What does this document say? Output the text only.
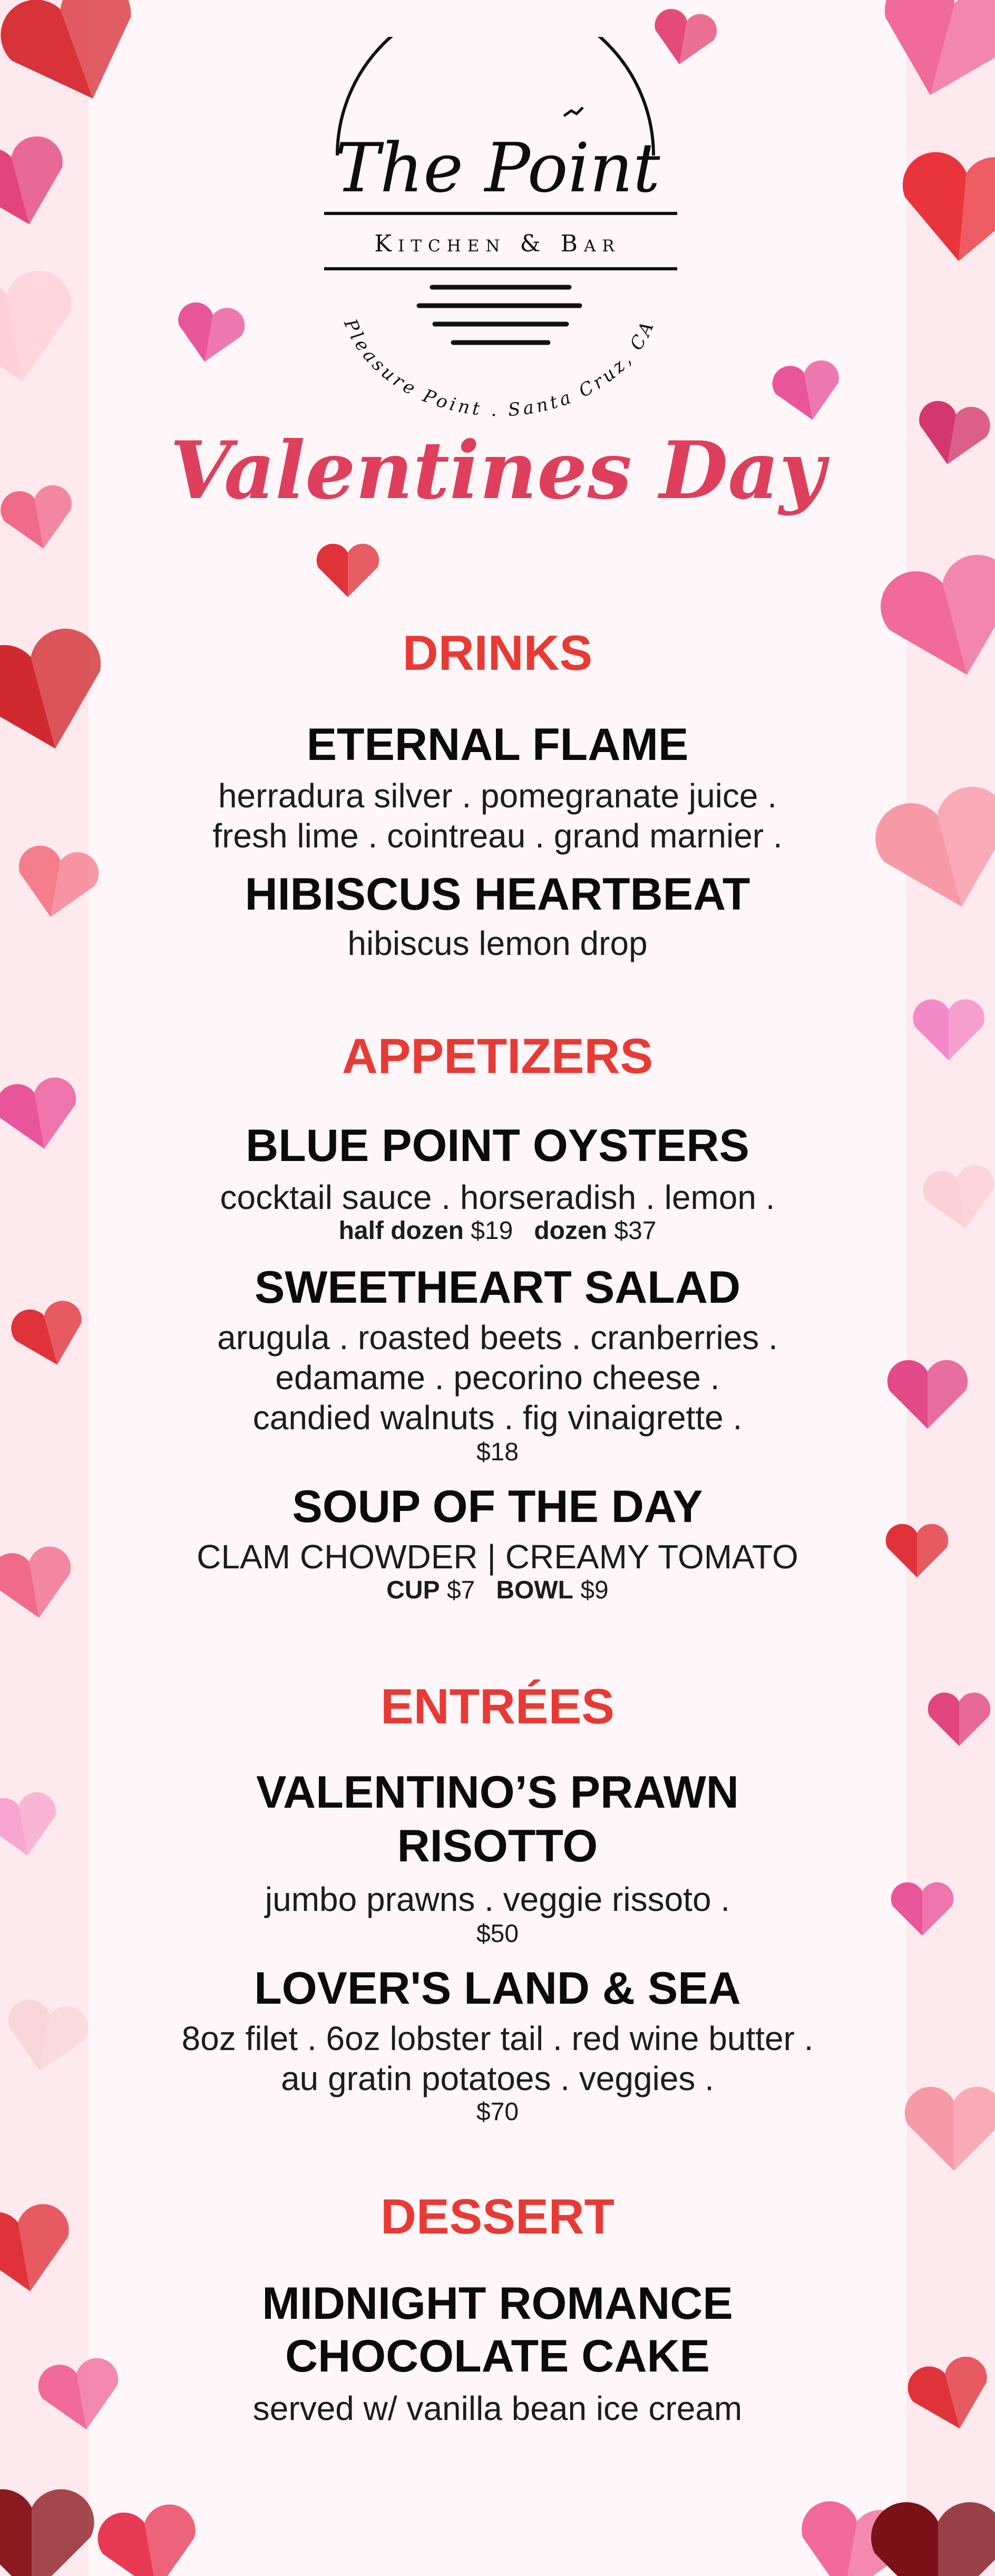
The Point
Kitchen & Bar
Pleasure Point . Santa Cruz, CA
Valentines Day
DRINKS
ETERNAL FLAME
herradura silver . pomegranate juice .
fresh lime . cointreau . grand marnier .
HIBISCUS HEARTBEAT
hibiscus lemon drop
APPETIZERS
BLUE POINT OYSTERS
cocktail sauce . horseradish . lemon .
half dozen $19 dozen $37
SWEETHEART SALAD
arugula . roasted beets . cranberries .
edamame . pecorino cheese .
candied walnuts . fig vinaigrette .
$18
SOUP OF THE DAY
CLAM CHOWDER | CREAMY TOMATO
CUP $7 BOWL $9
ENTRÉES
VALENTINO’S PRAWN
RISOTTO
jumbo prawns . veggie rissoto .
$50
LOVER'S LAND & SEA
8oz filet . 6oz lobster tail . red wine butter .
au gratin potatoes . veggies .
$70
DESSERT
MIDNIGHT ROMANCE
CHOCOLATE CAKE
served w/ vanilla bean ice cream
